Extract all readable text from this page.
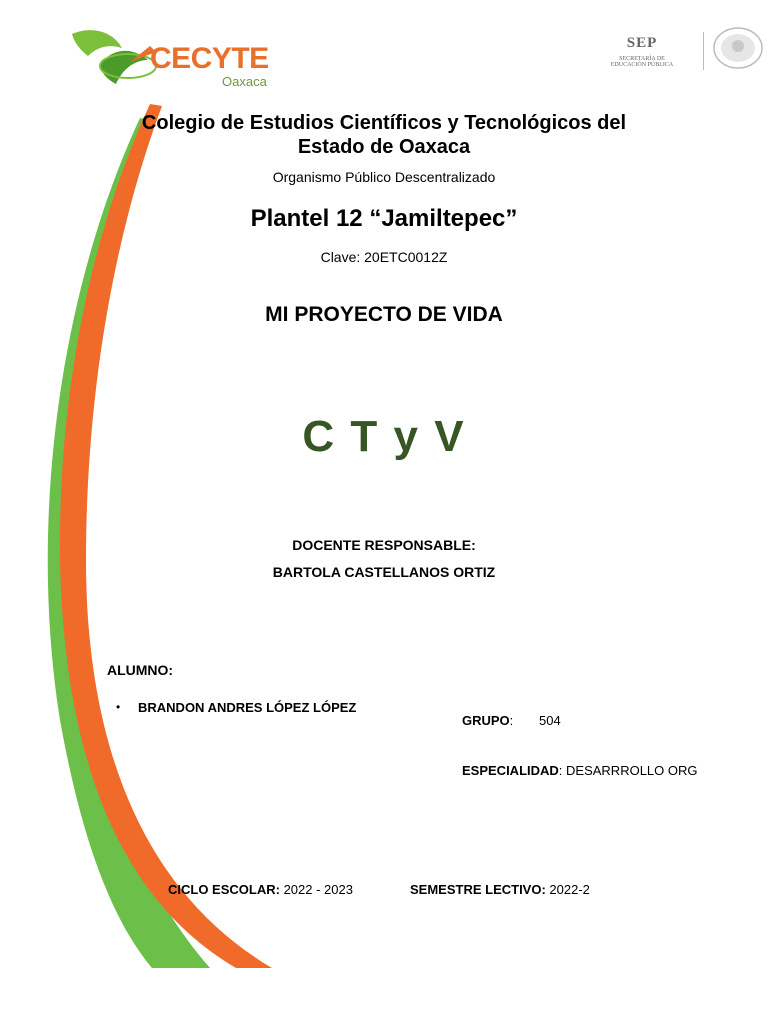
CECYTE
Oaxaca
SEP
SECRETARÍA DE
EDUCACIÓN PÚBLICA
Colegio de Estudios Científicos y Tecnológicos del
Estado de Oaxaca
Organismo Público Descentralizado
Plantel 12 “Jamiltepec”
Clave: 20ETC0012Z
MI PROYECTO DE VIDA
C T y V
DOCENTE RESPONSABLE:
BARTOLA CASTELLANOS ORTIZ
ALUMNO:
• BRANDON ANDRES LÓPEZ LÓPEZ
GRUPO: 504
ESPECIALIDAD: DESARRROLLO ORG
CICLO ESCOLAR: 2022 - 2023	SEMESTRE LECTIVO: 2022-2
